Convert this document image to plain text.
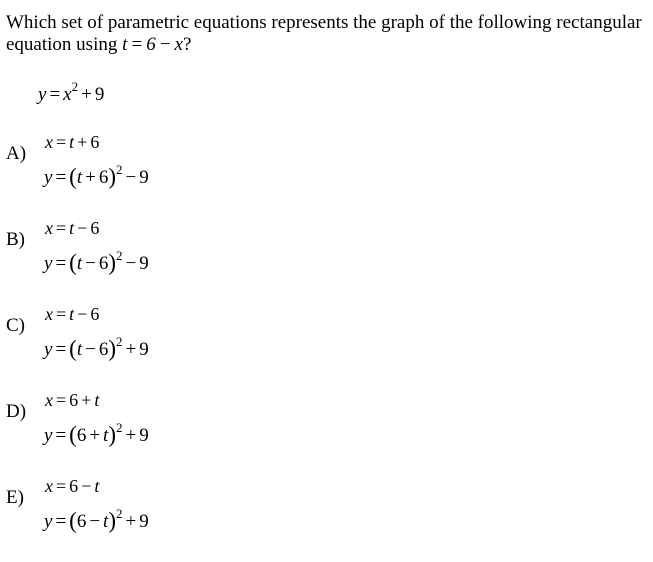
Which set of parametric equations represents the graph of the following rectangular equation using t = 6 − x?
$y = x^2 + 9$
A)
x = t + 6
$y = (t + 6)^2 - 9$
B)
x = t − 6
$y = (t - 6)^2 - 9$
C)
x = t − 6
$y = (t - 6)^2 + 9$
D)
x = 6 + t
$y = (6 + t)^2 + 9$
E)
x = 6 − t
$y = (6 - t)^2 + 9$
